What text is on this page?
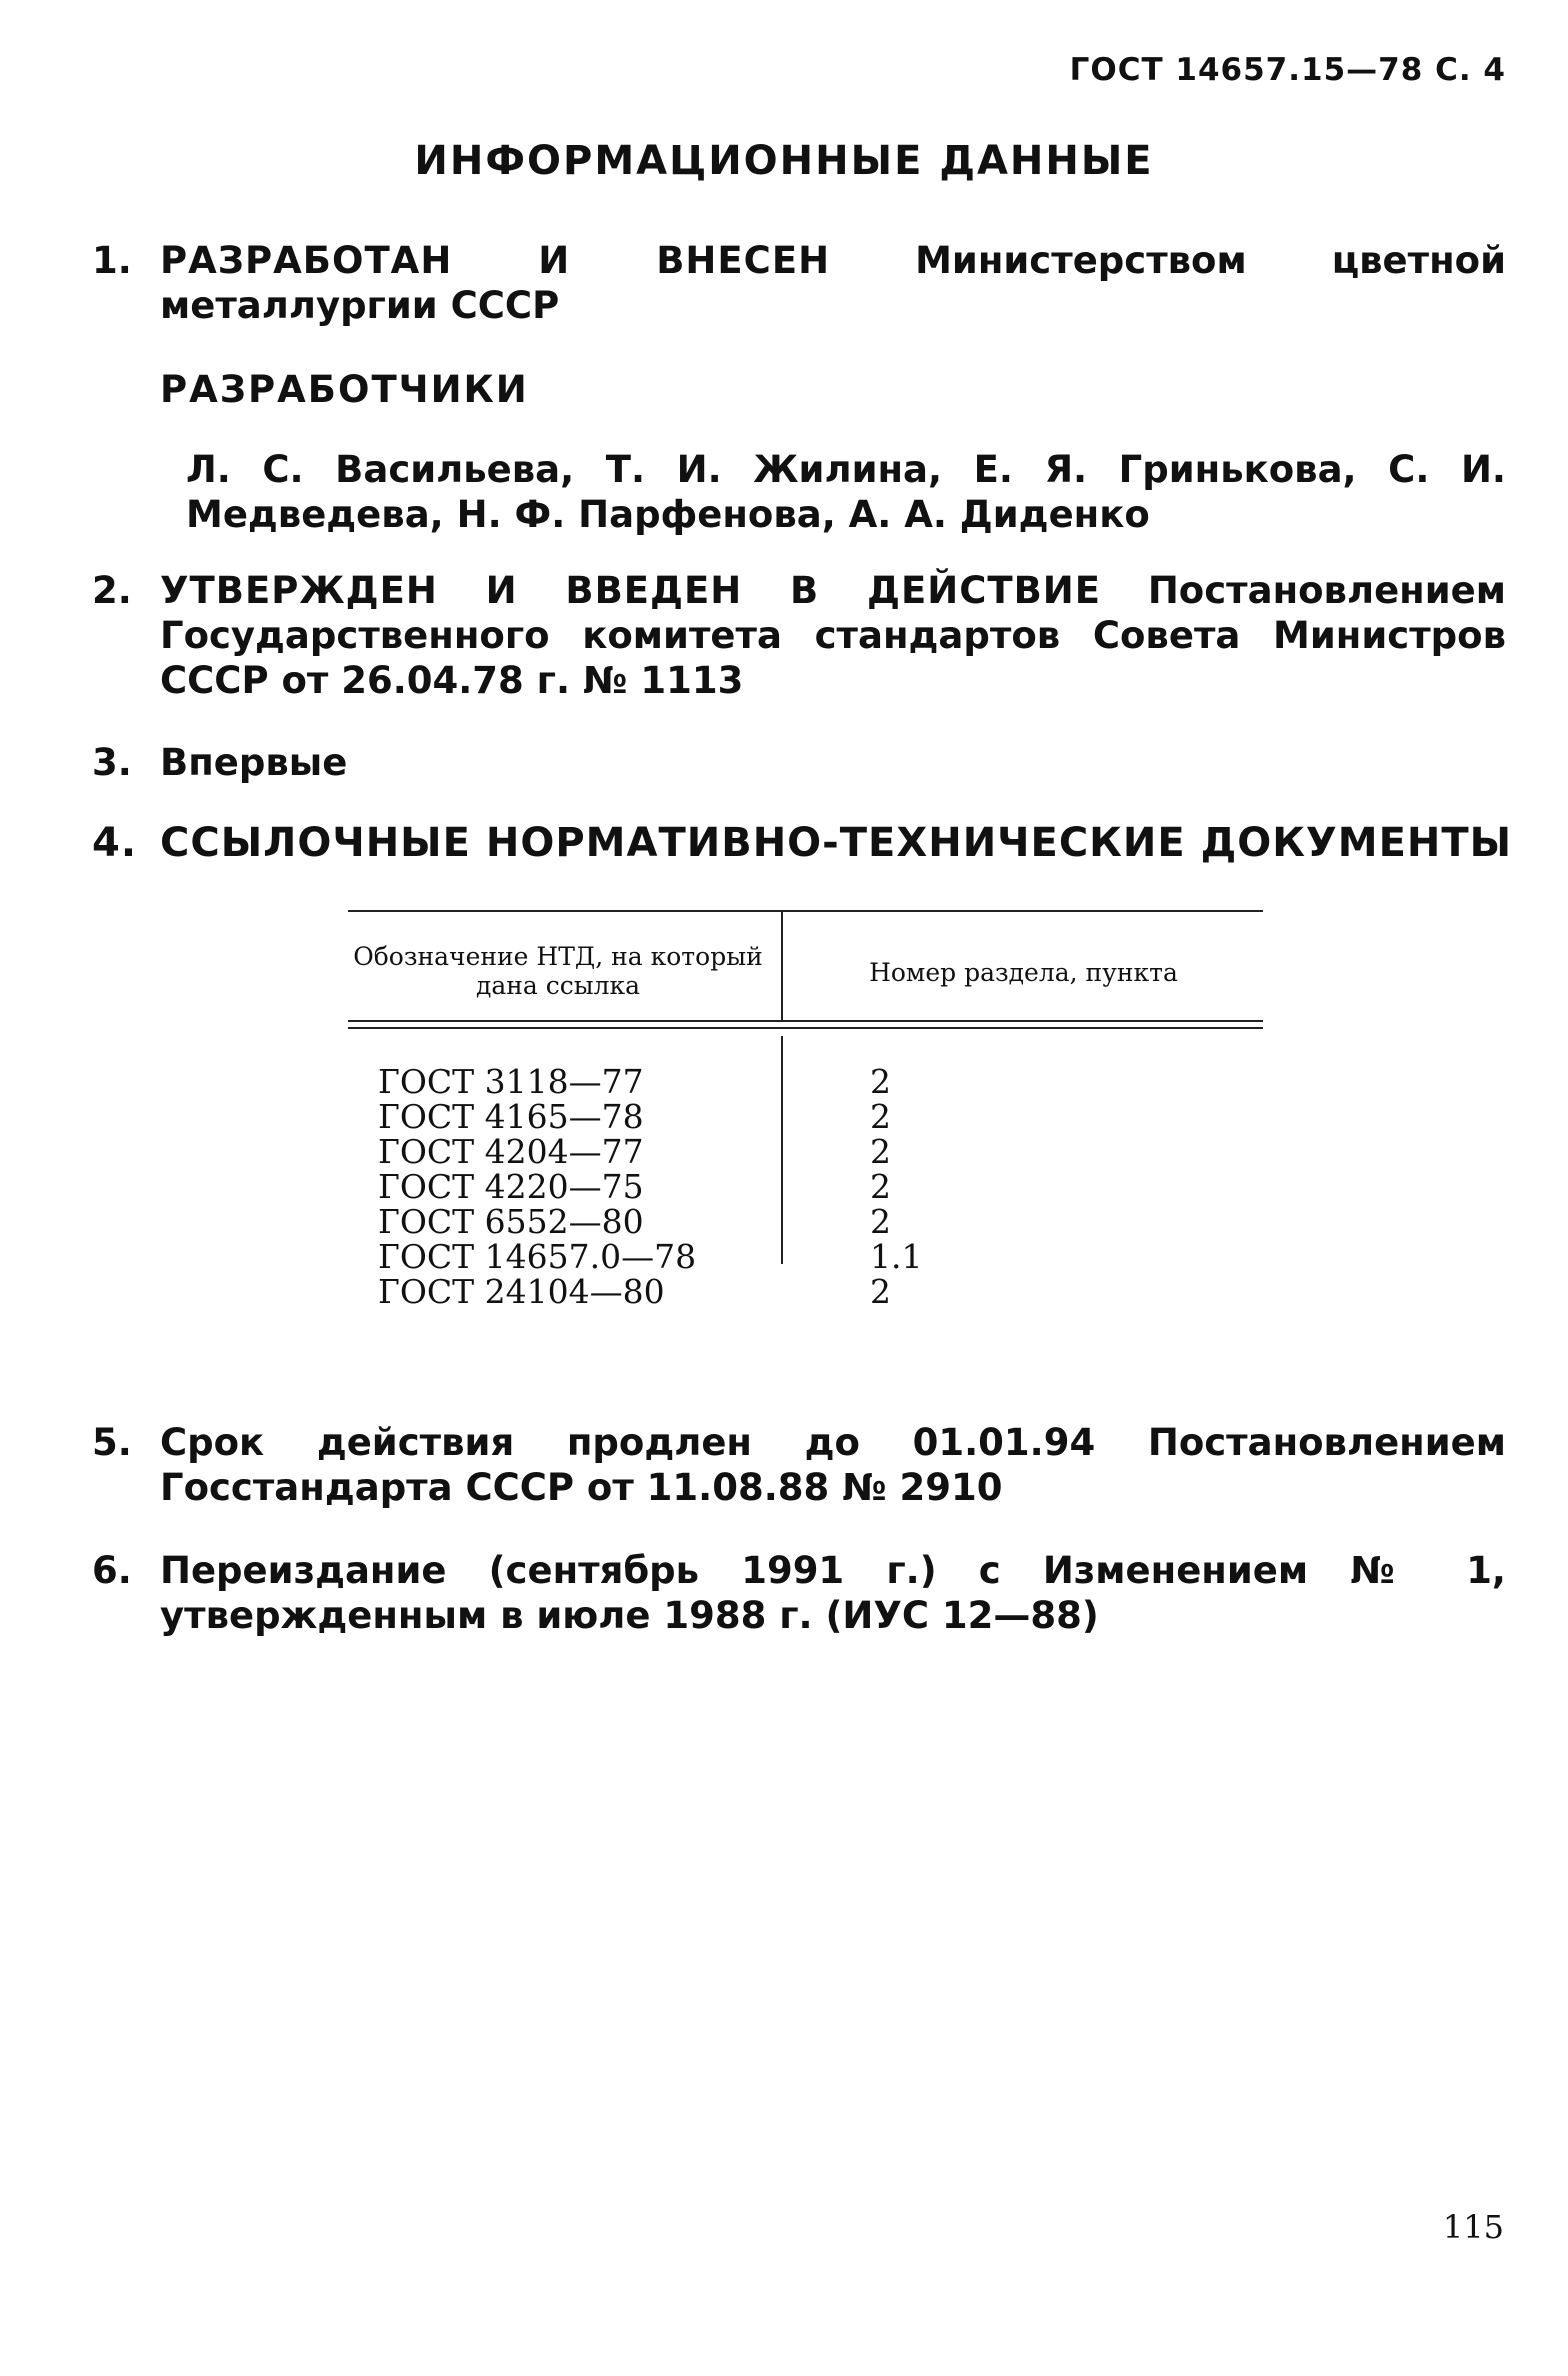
ГОСТ 14657.15—78 С. 4
ИНФОРМАЦИОННЫЕ ДАННЫЕ
1. РАЗРАБОТАН И ВНЕСЕН Министерством цветной металлургии СССР
РАЗРАБОТЧИКИ
Л. С. Васильева, Т. И. Жилина, Е. Я. Гринькова, С. И. Медведева, Н. Ф. Парфенова, А. А. Диденко
2. УТВЕРЖДЕН И ВВЕДЕН В ДЕЙСТВИЕ Постановлением Государственного комитета стандартов Совета Министров СССР от 26.04.78 г. № 1113
3. Впервые
4. ССЫЛОЧНЫЕ НОРМАТИВНО-ТЕХНИЧЕСКИЕ ДОКУМЕНТЫ
Обозначение НТД, на который дана ссылка	Номер раздела, пункта
ГОСТ 3118—77
ГОСТ 4165—78
ГОСТ 4204—77
ГОСТ 4220—75
ГОСТ 6552—80
ГОСТ 14657.0—78
ГОСТ 24104—80
2
2
2
2
2
1.1
2
5. Срок действия продлен до 01.01.94 Постановлением Госстандарта СССР от 11.08.88 № 2910
6. Переиздание (сентябрь 1991 г.) с Изменением № 1, утвержденным в июле 1988 г. (ИУС 12—88)
115
